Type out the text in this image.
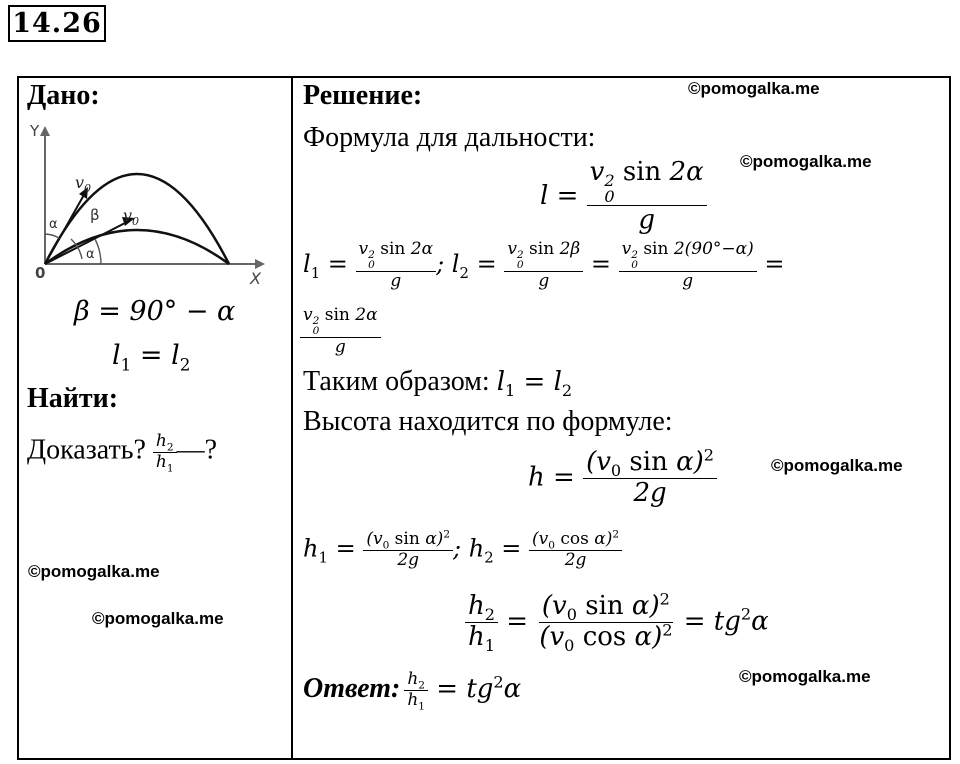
14.26
Дано:
Y
X
0
$v_0$
$v_0$
α
β
α
β = 90° − α
$l_1 = l_2$
Найти:
Доказать? $\frac{h_2}{h_1}$ —?
Решение:
Формула для дальности:
l = v 2
0
sin 2α
g
$l_1 = v$ 2
0
sin 2α
g ; $l_2 = v$ 2
0
sin 2β
g = v 2
0
sin 2(90°−α)
g =
v 2
0
sin 2α
g
Таким образом: $l_1 = l_2$
Высота находится по формуле:
$h = \frac{(v_0 \sin \alpha)^2}{2g}$
$h_1 = \frac{(v_0 \sin \alpha)^2}{2g}$ ; $h_2 = \frac{(v_0 \cos \alpha)^2}{2g}$
$\frac{h_2}{h_1} = \frac{(v_0 \sin \alpha)^2}{(v_0 \cos \alpha)^2} = tg^2\alpha$
Ответ: $\frac{h_2}{h_1} = tg^2\alpha$
©pomogalka.me
©pomogalka.me
©pomogalka.me
©pomogalka.me
©pomogalka.me
©pomogalka.me
